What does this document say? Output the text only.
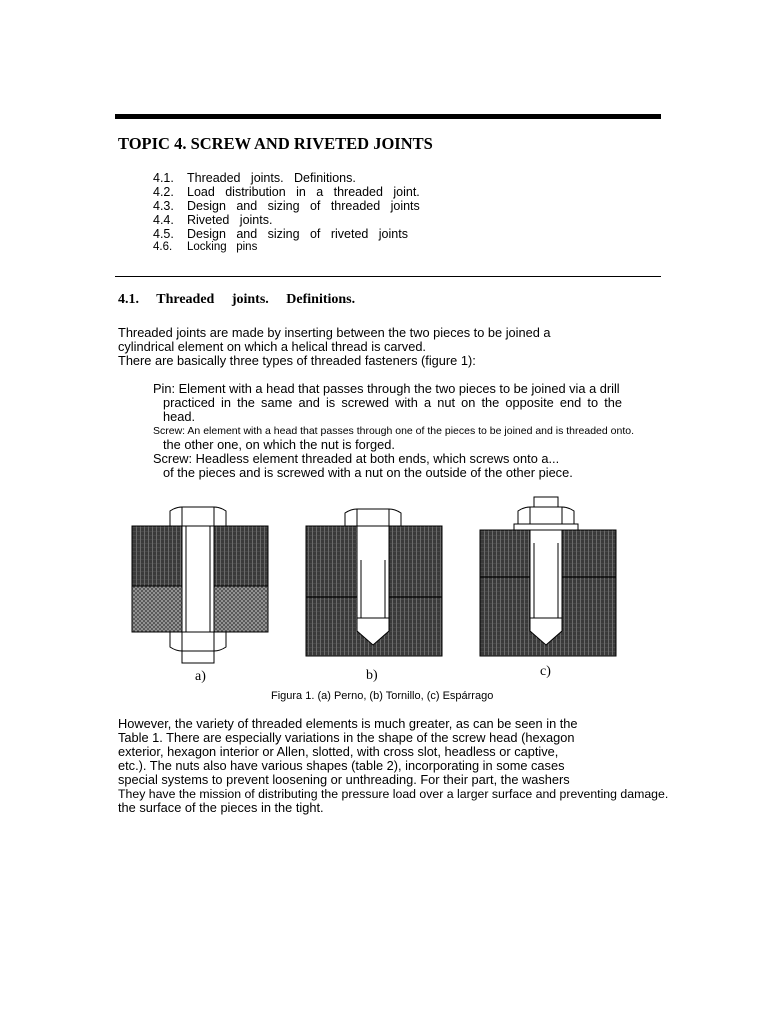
TOPIC 4. SCREW AND RIVETED JOINTS
4.1. Threaded   joints.   Definitions.
4.2. Load   distribution   in   a   threaded   joint.
4.3. Design   and   sizing   of   threaded   joints
4.4. Riveted   joints.
4.5. Design   and   sizing   of   riveted   joints
4.6. Locking   pins
4.1.     Threaded     joints.     Definitions.
Threaded joints are made by inserting between the two pieces to be joined a
cylindrical element on which a helical thread is carved.
There are basically three types of threaded fasteners (figure 1):
Pin: Element with a head that passes through the two pieces to be joined via a drill
practiced in the same and is screwed with a nut on the opposite end to the
head.
Screw: An element with a head that passes through one of the pieces to be joined and is threaded onto.
the other one, on which the nut is forged.
Screw: Headless element threaded at both ends, which screws onto a...
of the pieces and is screwed with a nut on the outside of the other piece.
a)	b)	c)
Figura 1. (a) Perno, (b) Tornillo, (c) Espárrago
However, the variety of threaded elements is much greater, as can be seen in the
Table 1. There are especially variations in the shape of the screw head (hexagon
exterior, hexagon interior or Allen, slotted, with cross slot, headless or captive,
etc.). The nuts also have various shapes (table 2), incorporating in some cases
special systems to prevent loosening or unthreading. For their part, the washers
They have the mission of distributing the pressure load over a larger surface and preventing damage.
the surface of the pieces in the tight.
